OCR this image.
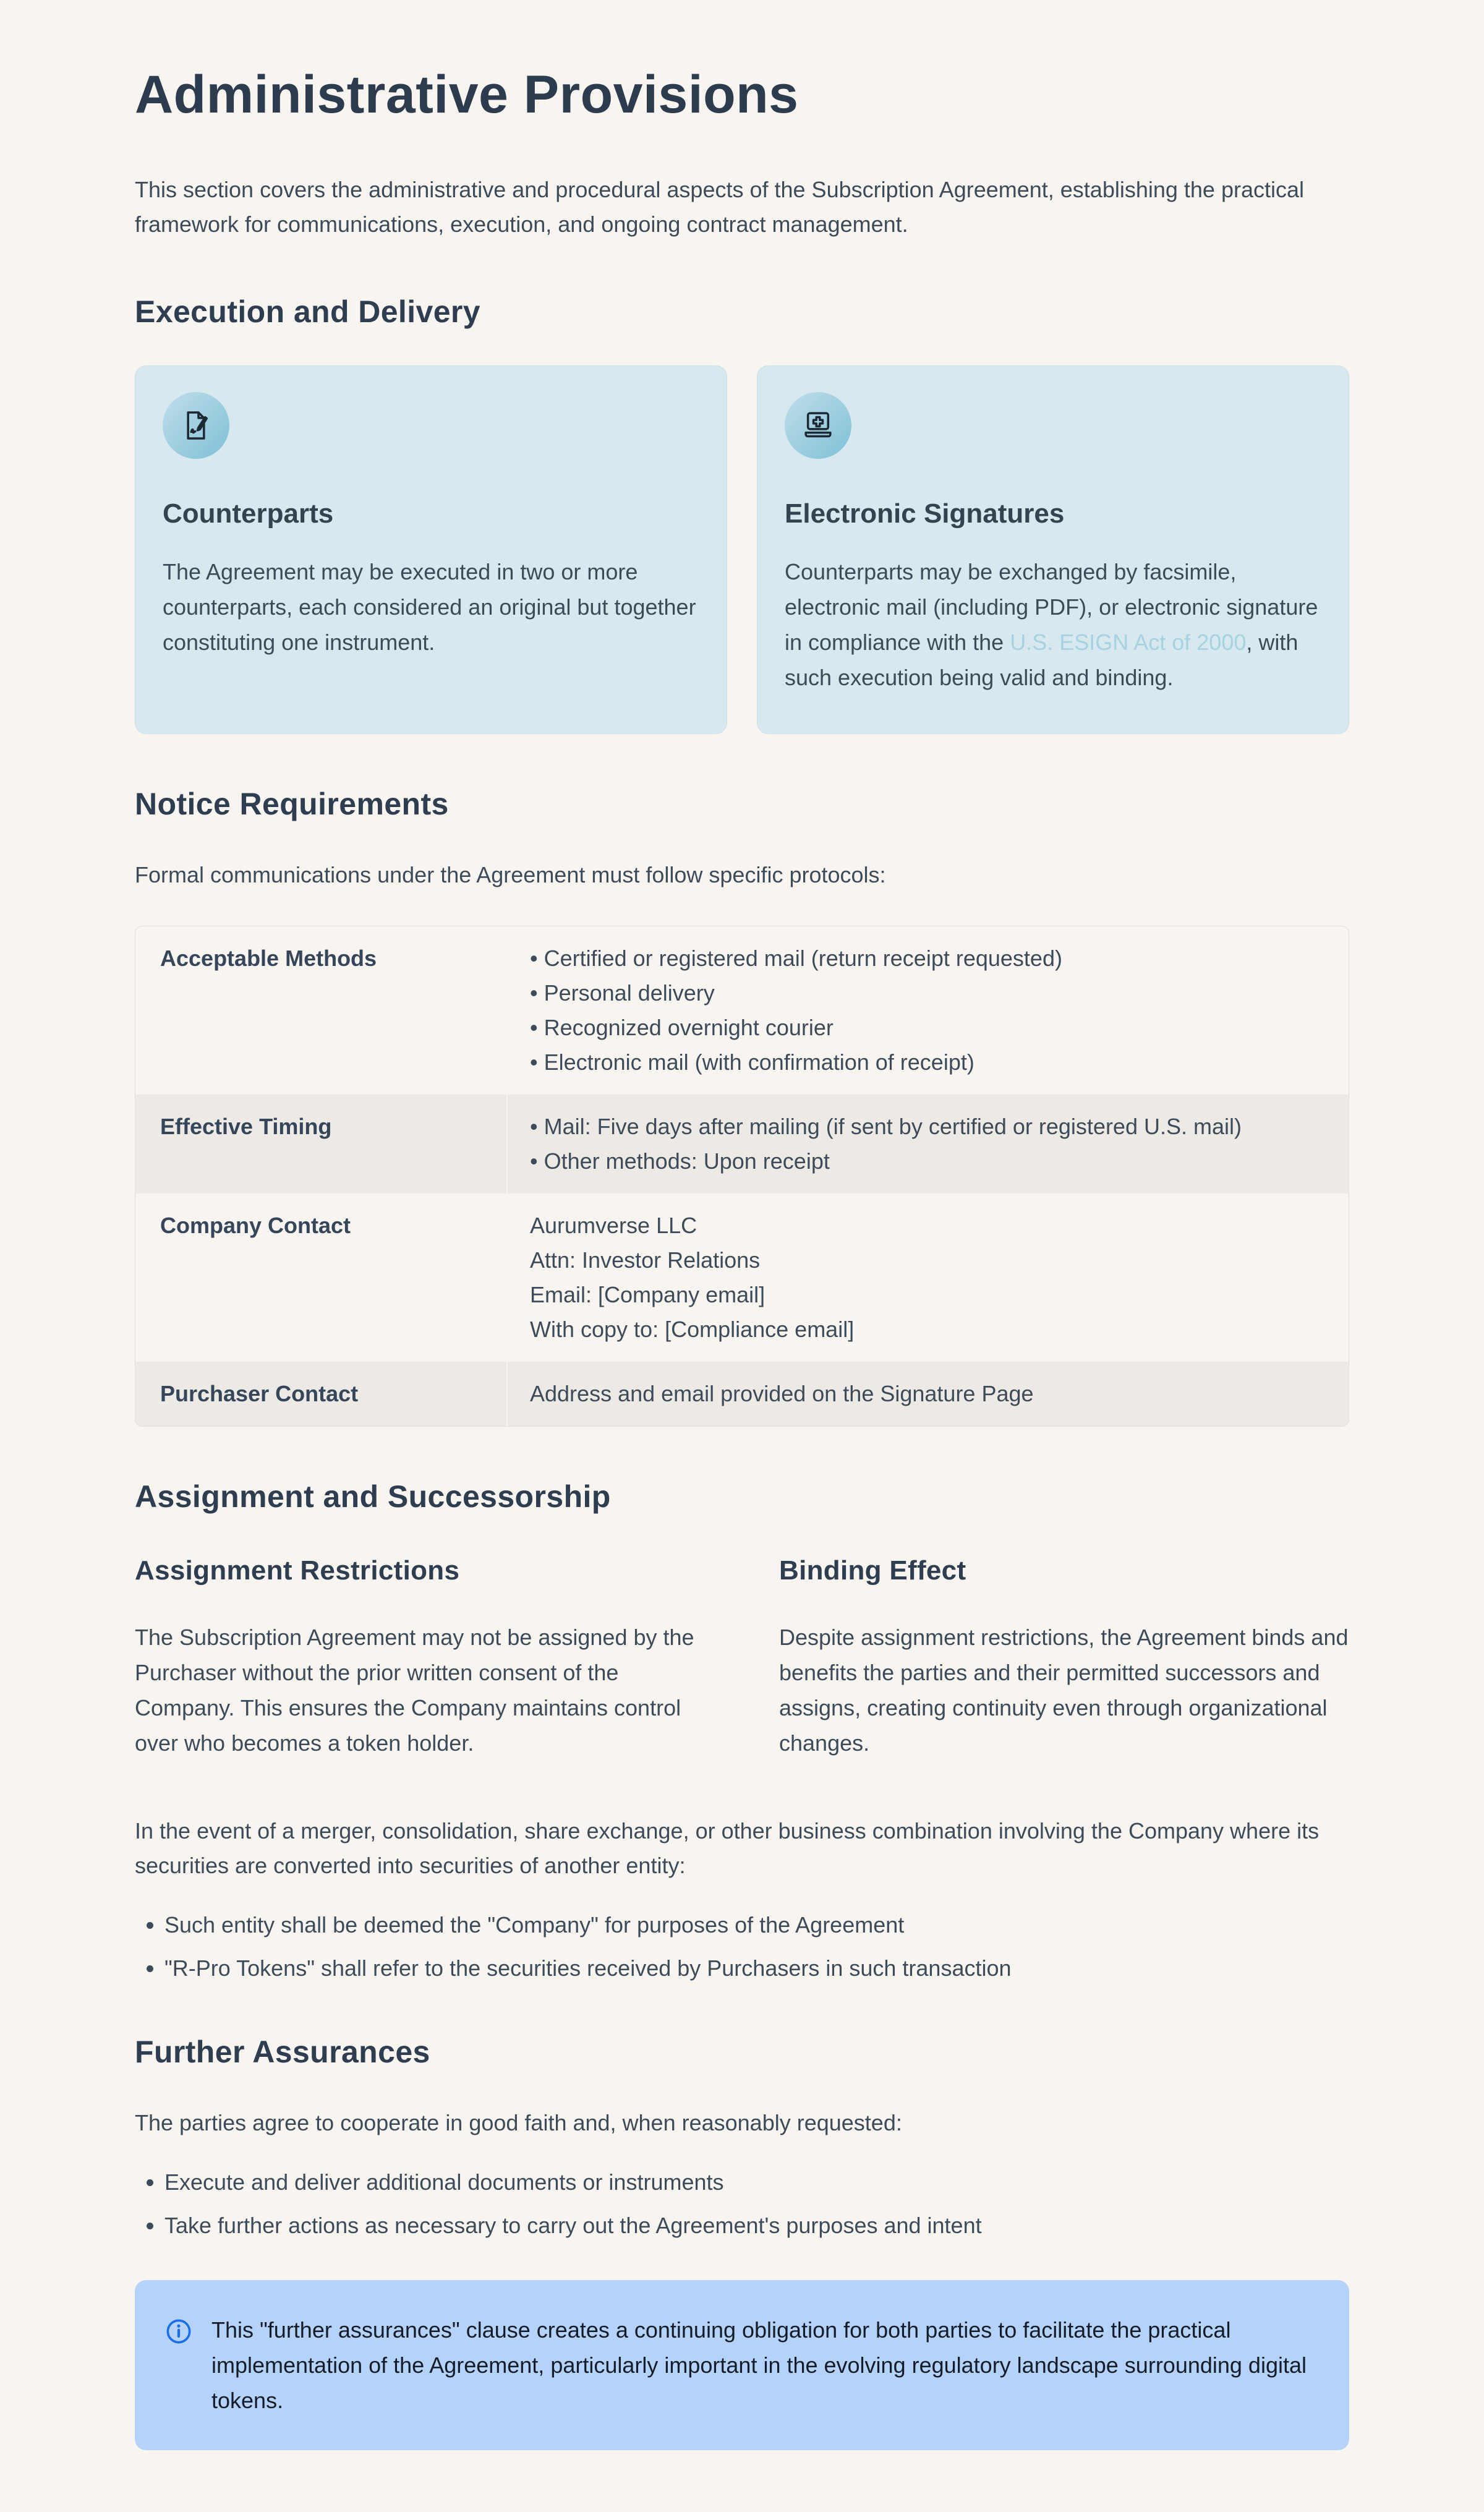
Administrative Provisions

This section covers the administrative and procedural aspects of the Subscription Agreement, establishing the practical framework for communications, execution, and ongoing contract management.

Execution and Delivery
Counterparts

The Agreement may be executed in two or more counterparts, each considered an original but together constituting one instrument.

Electronic Signatures

Counterparts may be exchanged by facsimile, electronic mail (including PDF), or electronic signature in compliance with the U.S. ESIGN Act of 2000, with such execution being valid and binding.

Notice Requirements

Formal communications under the Agreement must follow specific protocols:

Acceptable Methods	• Certified or registered mail (return receipt requested)
• Personal delivery
• Recognized overnight courier
• Electronic mail (with confirmation of receipt)
Effective Timing	• Mail: Five days after mailing (if sent by certified or registered U.S. mail)
• Other methods: Upon receipt
Company Contact	Aurumverse LLC
Attn: Investor Relations
Email: [Company email]
With copy to: [Compliance email]
Purchaser Contact	Address and email provided on the Signature Page
Assignment and Successorship
Assignment Restrictions

The Subscription Agreement may not be assigned by the Purchaser without the prior written consent of the Company. This ensures the Company maintains control over who becomes a token holder.

Binding Effect

Despite assignment restrictions, the Agreement binds and benefits the parties and their permitted successors and assigns, creating continuity even through organizational changes.

In the event of a merger, consolidation, share exchange, or other business combination involving the Company where its securities are converted into securities of another entity:

• Such entity shall be deemed the "Company" for purposes of the Agreement
• "R-Pro Tokens" shall refer to the securities received by Purchasers in such transaction
Further Assurances

The parties agree to cooperate in good faith and, when reasonably requested:

• Execute and deliver additional documents or instruments
• Take further actions as necessary to carry out the Agreement's purposes and intent

This "further assurances" clause creates a continuing obligation for both parties to facilitate the practical implementation of the Agreement, particularly important in the evolving regulatory landscape surrounding digital tokens.
